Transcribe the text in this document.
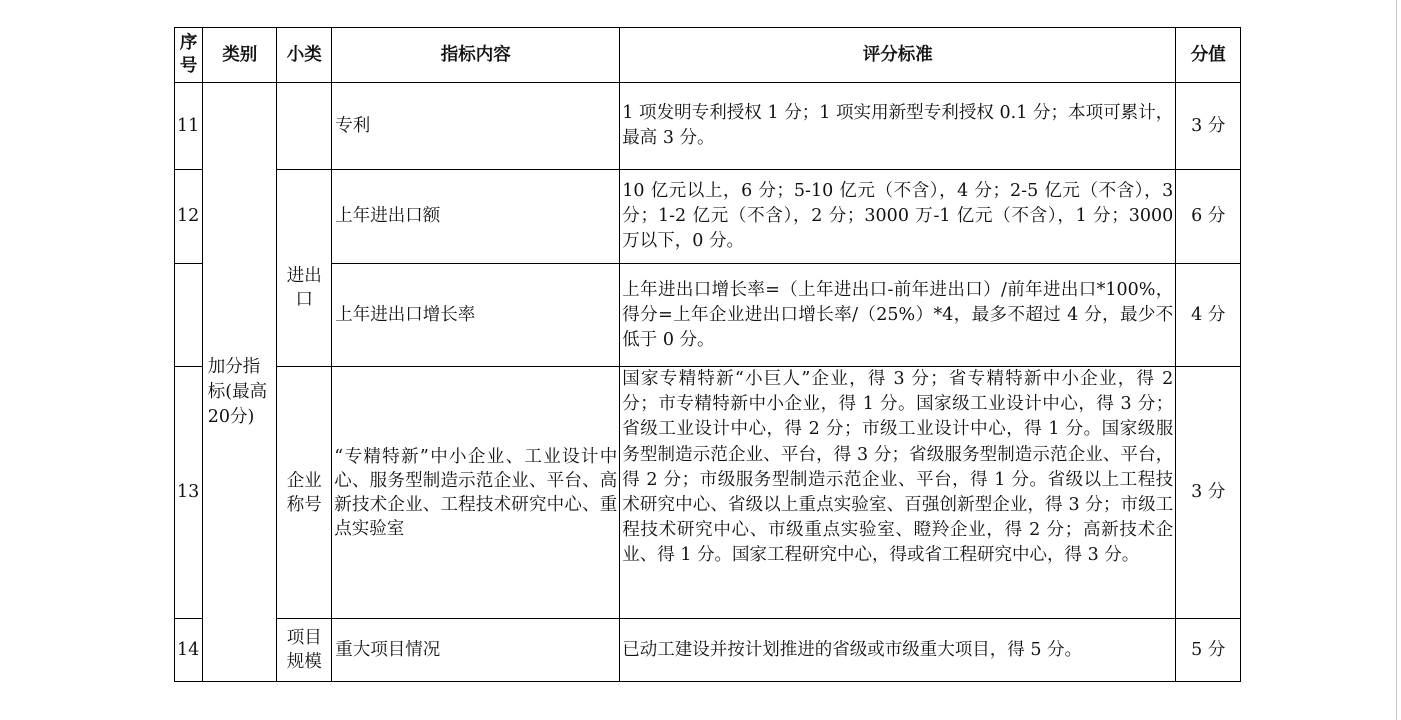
序号	类别	小类	指标内容	评分标准	分值
11	加分指标(最高20分)		专利	1 项发明专利授权 1 分；1 项实用新型专利授权 0.1 分；本项可累计，最高 3 分。	3 分
12		进出口	上年进出口额	10 亿元以上，6 分；5-10 亿元（不含），4 分；2-5 亿元（不含），3 分；1-2 亿元（不含），2 分；3000 万-1 亿元（不含），1 分；3000 万以下，0 分。	6 分
			上年进出口增长率	上年进出口增长率=（上年进出口-前年进出口）/前年进出口*100%，得分=上年企业进出口增长率/（25%）*4，最多不超过 4 分，最少不低于 0 分。	4 分
13		企业称号	“专精特新”中小企业、工业设计中心、服务型制造示范企业、平台、高新技术企业、工程技术研究中心、重点实验室	国家专精特新“小巨人”企业，得 3 分；省专精特新中小企业，得 2 分；市专精特新中小企业，得 1 分。国家级工业设计中心，得 3 分；省级工业设计中心，得 2 分；市级工业设计中心，得 1 分。国家级服务型制造示范企业、平台，得 3 分；省级服务型制造示范企业、平台，得 2 分；市级服务型制造示范企业、平台，得 1 分。省级以上工程技术研究中心、省级以上重点实验室、百强创新型企业，得 3 分；市级工程技术研究中心、市级重点实验室、瞪羚企业，得 2 分；高新技术企业、得 1 分。国家工程研究中心，得或省工程研究中心，得 3 分。	3 分
14		项目规模	重大项目情况	已动工建设并按计划推进的省级或市级重大项目，得 5 分。	5 分
